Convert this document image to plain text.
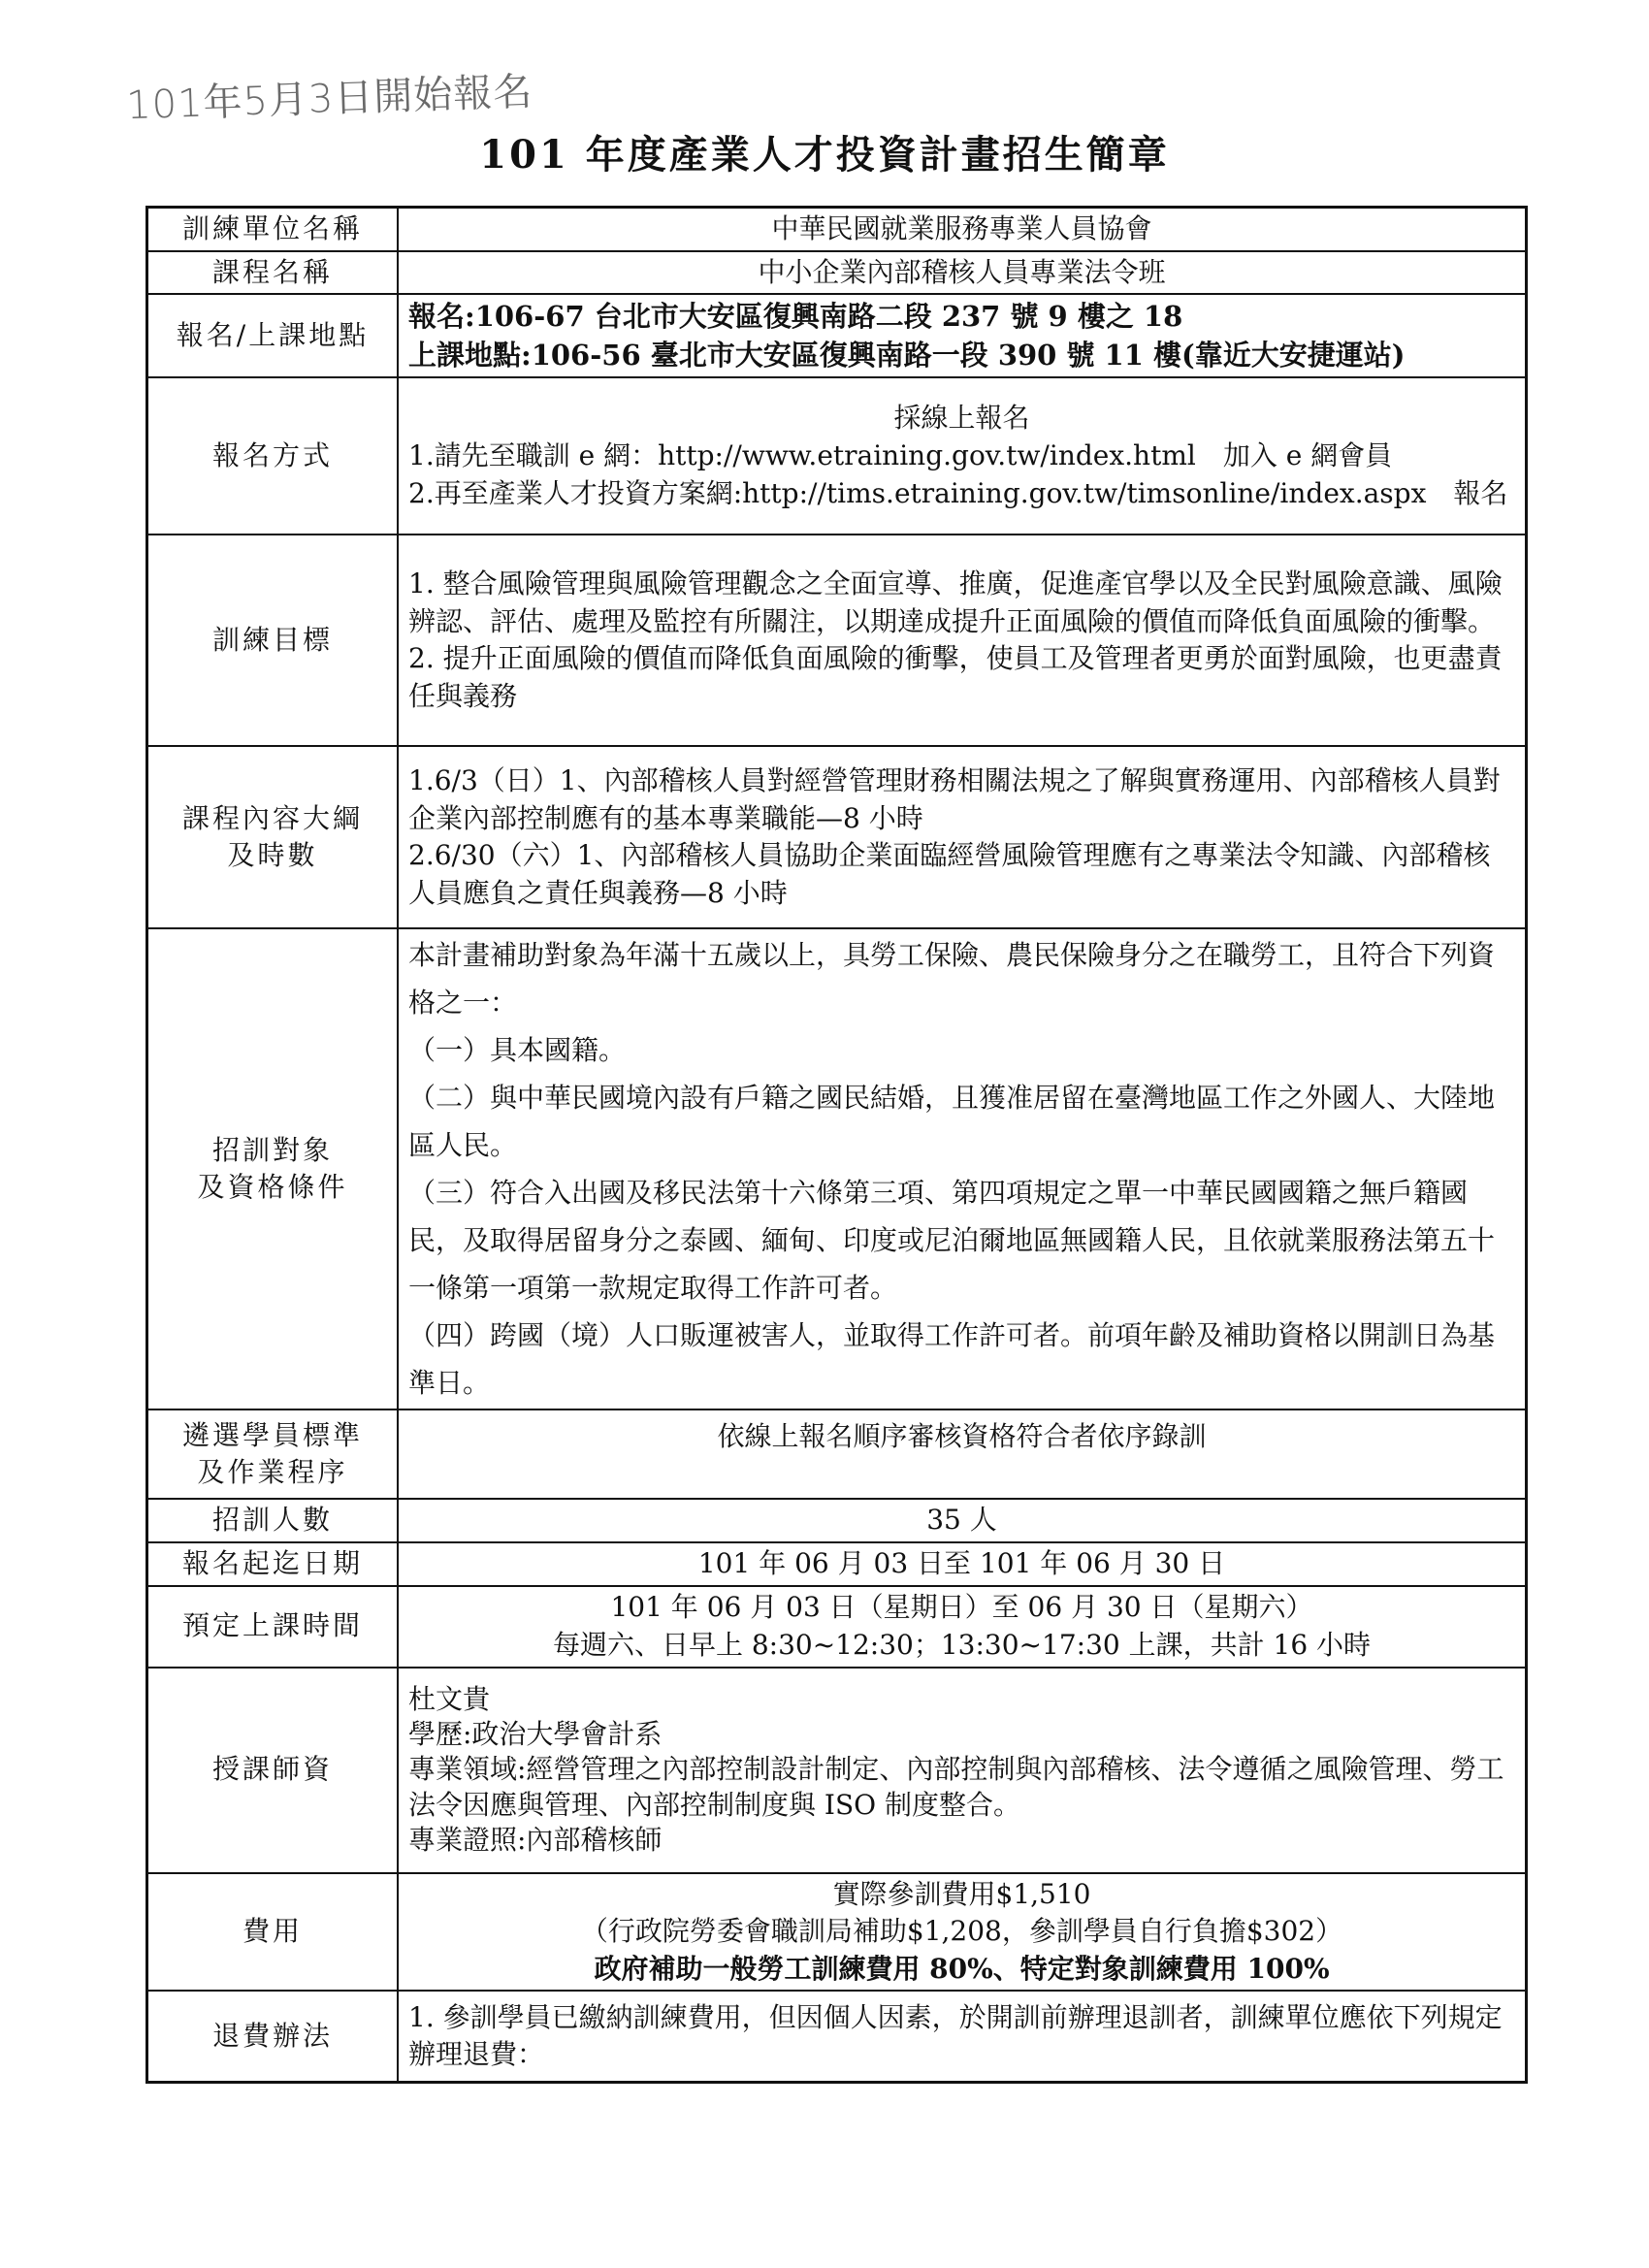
101年5月3日開始報名
101 年度產業人才投資計畫招生簡章
訓練單位名稱	中華民國就業服務專業人員協會
課程名稱	中小企業內部稽核人員專業法令班
報名/上課地點	報名:106-67 台北市大安區復興南路二段 237 號 9 樓之 18
上課地點:106-56 臺北市大安區復興南路一段 390 號 11 樓(靠近大安捷運站)

報名方式	採線上報名
1.請先至職訓 e 網：http://www.etraining.gov.tw/index.html　加入 e 網會員
2.再至產業人才投資方案網:http://tims.etraining.gov.tw/timsonline/index.aspx　報名

訓練目標	1. 整合風險管理與風險管理觀念之全面宣導、推廣，促進產官學以及全民對風險意識、風險辨認、評估、處理及監控有所關注，以期達成提升正面風險的價值而降低負面風險的衝擊。
2. 提升正面風險的價值而降低負面風險的衝擊，使員工及管理者更勇於面對風險，也更盡責任與義務

課程內容大綱
及時數	1.6/3（日）1、內部稽核人員對經營管理財務相關法規之了解與實務運用、內部稽核人員對企業內部控制應有的基本專業職能—8 小時
2.6/30（六）1、內部稽核人員協助企業面臨經營風險管理應有之專業法令知識、內部稽核人員應負之責任與義務—8 小時

招訓對象
及資格條件	本計畫補助對象為年滿十五歲以上，具勞工保險、農民保險身分之在職勞工，且符合下列資格之一：
（一）具本國籍。
（二）與中華民國境內設有戶籍之國民結婚，且獲准居留在臺灣地區工作之外國人、大陸地區人民。
（三）符合入出國及移民法第十六條第三項、第四項規定之單一中華民國國籍之無戶籍國民，及取得居留身分之泰國、緬甸、印度或尼泊爾地區無國籍人民，且依就業服務法第五十一條第一項第一款規定取得工作許可者。
（四）跨國（境）人口販運被害人，並取得工作許可者。前項年齡及補助資格以開訓日為基準日。

遴選學員標準
及作業程序	依線上報名順序審核資格符合者依序錄訓
招訓人數	35 人
報名起迄日期	101 年 06 月 03 日至 101 年 06 月 30 日
預定上課時間	101 年 06 月 03 日（星期日）至 06 月 30 日（星期六）
每週六、日早上 8:30~12:30；13:30~17:30 上課，共計 16 小時

授課師資	杜文貴
學歷:政治大學會計系
專業領域:經營管理之內部控制設計制定、內部控制與內部稽核、法令遵循之風險管理、勞工法令因應與管理、內部控制制度與 ISO 制度整合。
專業證照:內部稽核師

費用	實際參訓費用$1,510
（行政院勞委會職訓局補助$1,208，參訓學員自行負擔$302）
政府補助一般勞工訓練費用 80%、特定對象訓練費用 100%

退費辦法	1. 參訓學員已繳納訓練費用，但因個人因素，於開訓前辦理退訓者，訓練單位應依下列規定辦理退費：
